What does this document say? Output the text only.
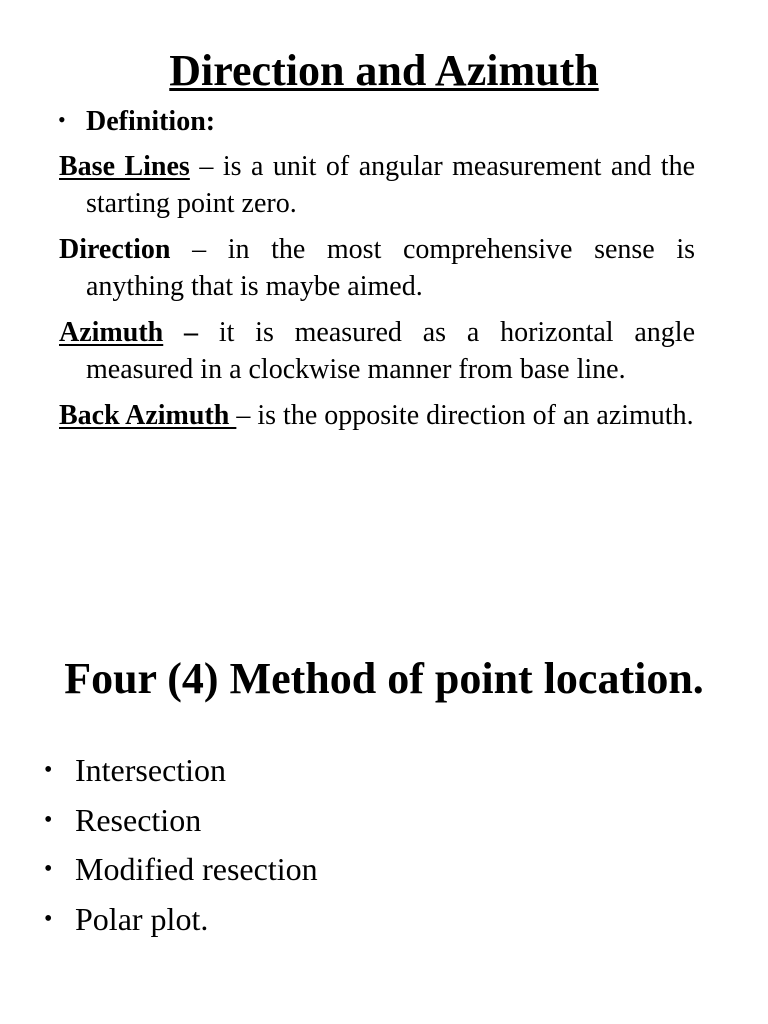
Direction and Azimuth

• Definition:

Base Lines – is a unit of angular measurement and the starting point zero.

Direction – in the most comprehensive sense is anything that is maybe aimed.

Azimuth – it is measured as a horizontal angle measured in a clockwise manner from base line.

Back Azimuth – is the opposite direction of an azimuth.

Four (4) Method of point location.
• Intersection
• Resection
• Modified resection
• Polar plot.
